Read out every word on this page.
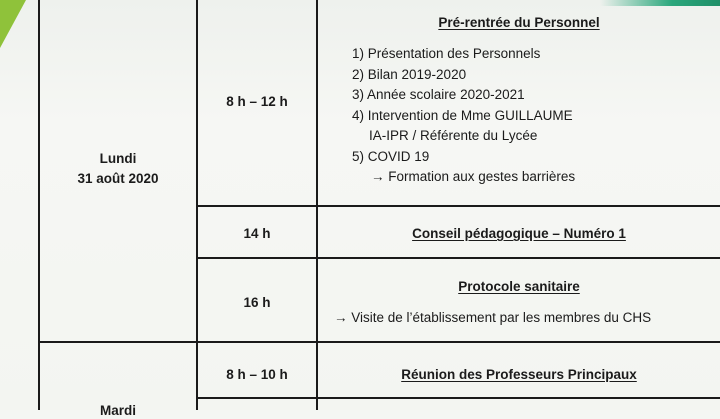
Lundi
31 août 2020
Mardi
8 h – 12 h
Pré-rentrée du Personnel
1) Présentation des Personnels
2) Bilan 2019-2020
3) Année scolaire 2020-2021
4) Intervention de Mme GUILLAUME
IA-IPR / Référente du Lycée
5) COVID 19
→ Formation aux gestes barrières
14 h	Conseil pédagogique – Numéro 1
16 h
Protocole sanitaire
→ Visite de l’établissement par les membres du CHS
8 h – 10 h	Réunion des Professeurs Principaux
